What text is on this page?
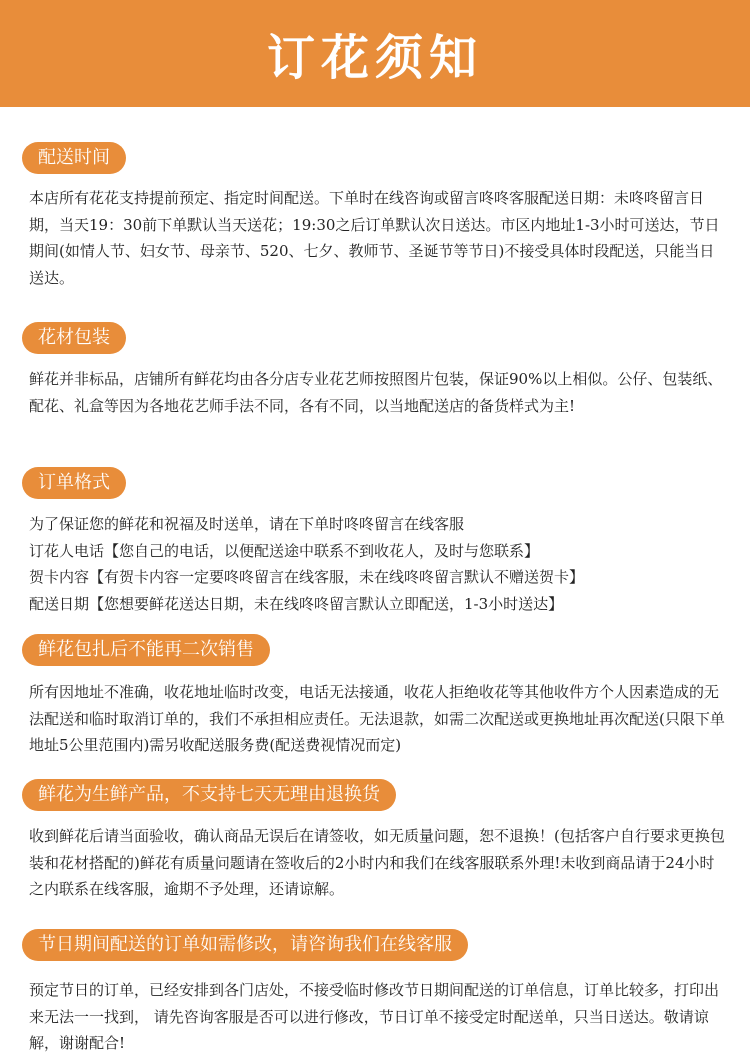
订花须知
配送时间

本店所有花花支持提前预定、指定时间配送。下单时在线咨询或留言咚咚客服配送日期：未咚咚留言日期，当天19：30前下单默认当天送花；19:30之后订单默认次日送达。市区内地址1-3小时可送达，节日期间(如情人节、妇女节、母亲节、520、七夕、教师节、圣诞节等节日)不接受具体时段配送，只能当日送达。

花材包装

鲜花并非标品，店铺所有鲜花均由各分店专业花艺师按照图片包装，保证90%以上相似。公仔、包装纸、配花、礼盒等因为各地花艺师手法不同，各有不同，以当地配送店的备货样式为主!

订单格式

为了保证您的鲜花和祝福及时送单，请在下单时咚咚留言在线客服

订花人电话【您自己的电话，以便配送途中联系不到收花人，及时与您联系】

贺卡内容【有贺卡内容一定要咚咚留言在线客服，未在线咚咚留言默认不赠送贺卡】

配送日期【您想要鲜花送达日期，未在线咚咚留言默认立即配送，1-3小时送达】

鲜花包扎后不能再二次销售

所有因地址不准确，收花地址临时改变，电话无法接通，收花人拒绝收花等其他收件方个人因素造成的无法配送和临时取消订单的，我们不承担相应责任。无法退款，如需二次配送或更换地址再次配送(只限下单地址5公里范围内)需另收配送服务费(配送费视情况而定)

鲜花为生鲜产品，不支持七天无理由退换货

收到鲜花后请当面验收，确认商品无误后在请签收，如无质量问题，恕不退换！(包括客户自行要求更换包装和花材搭配的)鲜花有质量问题请在签收后的2小时内和我们在线客服联系外理!未收到商品请于24小时之内联系在线客服，逾期不予处理，还请谅解。

节日期间配送的订单如需修改，请咨询我们在线客服

预定节日的订单，已经安排到各门店处，不接受临时修改节日期间配送的订单信息，订单比较多，打印出来无法一一找到， 请先咨询客服是否可以进行修改，节日订单不接受定时配送单，只当日送达。敬请谅解，谢谢配合!
